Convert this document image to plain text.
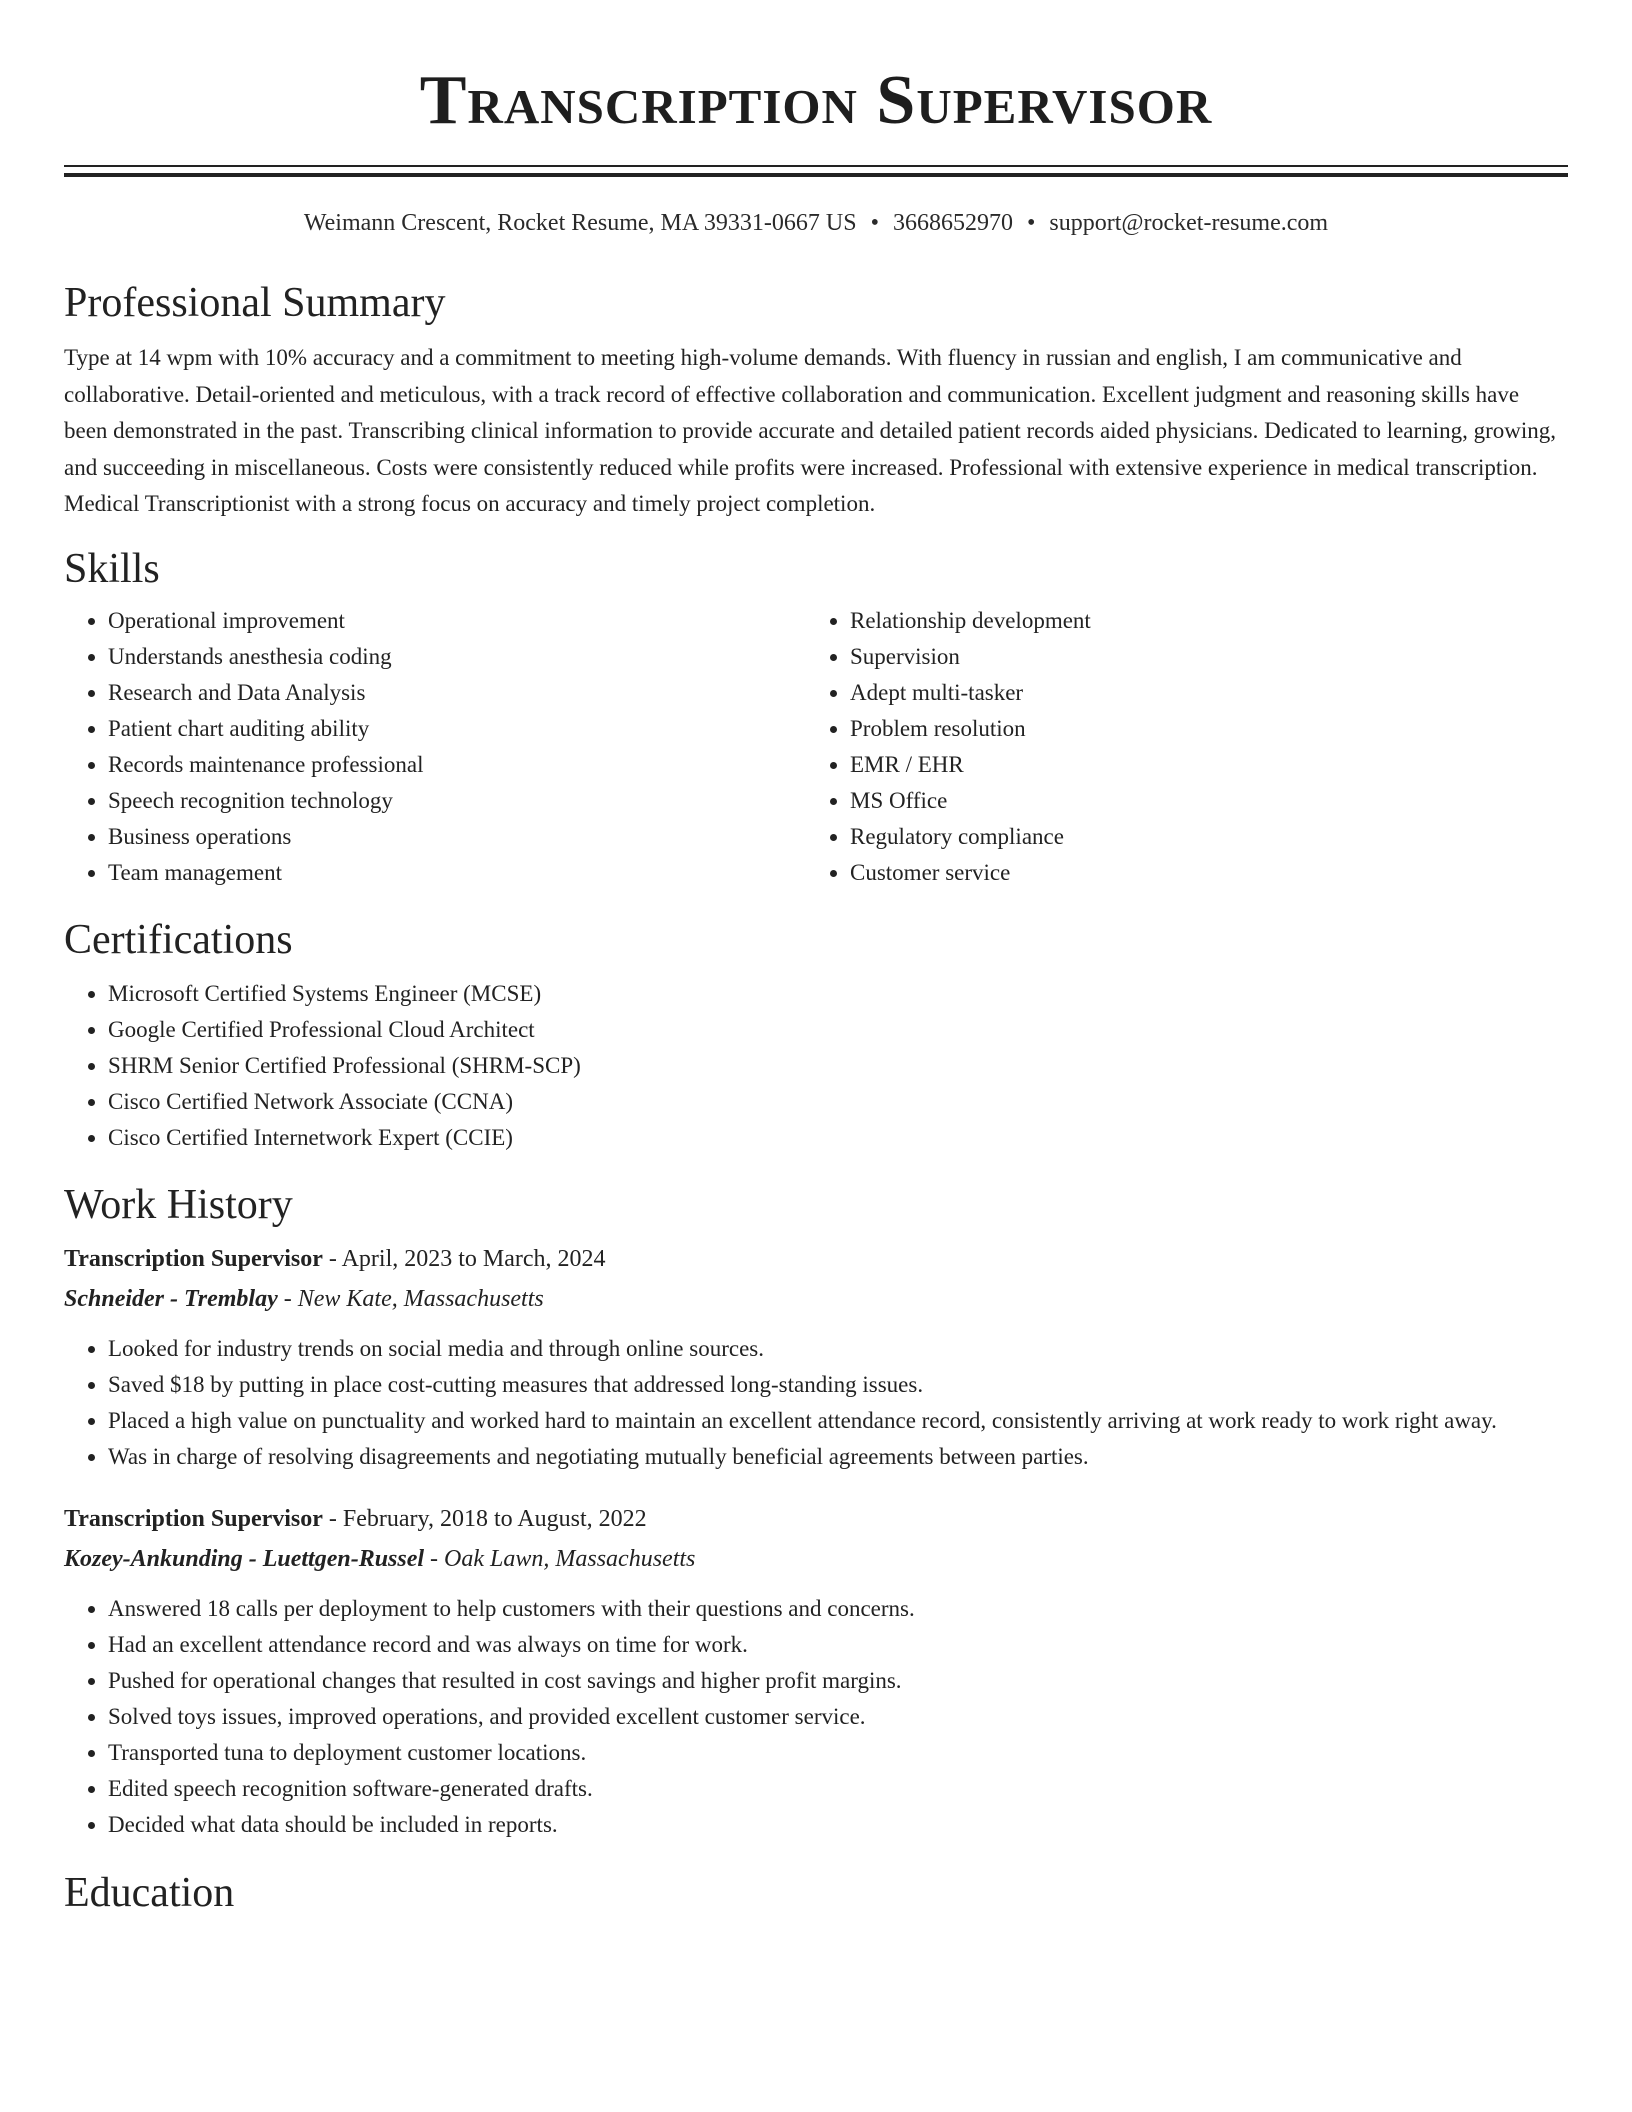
Transcription Supervisor
Weimann Crescent, Rocket Resume, MA 39331-0667 US • 3668652970 • support@rocket-resume.com
Professional Summary

Type at 14 wpm with 10% accuracy and a commitment to meeting high-volume demands. With fluency in russian and english, I am communicative and collaborative. Detail-oriented and meticulous, with a track record of effective collaboration and communication. Excellent judgment and reasoning skills have been demonstrated in the past. Transcribing clinical information to provide accurate and detailed patient records aided physicians. Dedicated to learning, growing, and succeeding in miscellaneous. Costs were consistently reduced while profits were increased. Professional with extensive experience in medical transcription. Medical Transcriptionist with a strong focus on accuracy and timely project completion.

Skills
• Operational improvement
• Understands anesthesia coding
• Research and Data Analysis
• Patient chart auditing ability
• Records maintenance professional
• Speech recognition technology
• Business operations
• Team management
• Relationship development
• Supervision
• Adept multi-tasker
• Problem resolution
• EMR / EHR
• MS Office
• Regulatory compliance
• Customer service
Certifications
• Microsoft Certified Systems Engineer (MCSE)
• Google Certified Professional Cloud Architect
• SHRM Senior Certified Professional (SHRM-SCP)
• Cisco Certified Network Associate (CCNA)
• Cisco Certified Internetwork Expert (CCIE)
Work History
Transcription Supervisor - April, 2023 to March, 2024
Schneider - Tremblay - New Kate, Massachusetts
• Looked for industry trends on social media and through online sources.
• Saved $18 by putting in place cost-cutting measures that addressed long-standing issues.
• Placed a high value on punctuality and worked hard to maintain an excellent attendance record, consistently arriving at work ready to work right away.
• Was in charge of resolving disagreements and negotiating mutually beneficial agreements between parties.
Transcription Supervisor - February, 2018 to August, 2022
Kozey-Ankunding - Luettgen-Russel - Oak Lawn, Massachusetts
• Answered 18 calls per deployment to help customers with their questions and concerns.
• Had an excellent attendance record and was always on time for work.
• Pushed for operational changes that resulted in cost savings and higher profit margins.
• Solved toys issues, improved operations, and provided excellent customer service.
• Transported tuna to deployment customer locations.
• Edited speech recognition software-generated drafts.
• Decided what data should be included in reports.
Education
